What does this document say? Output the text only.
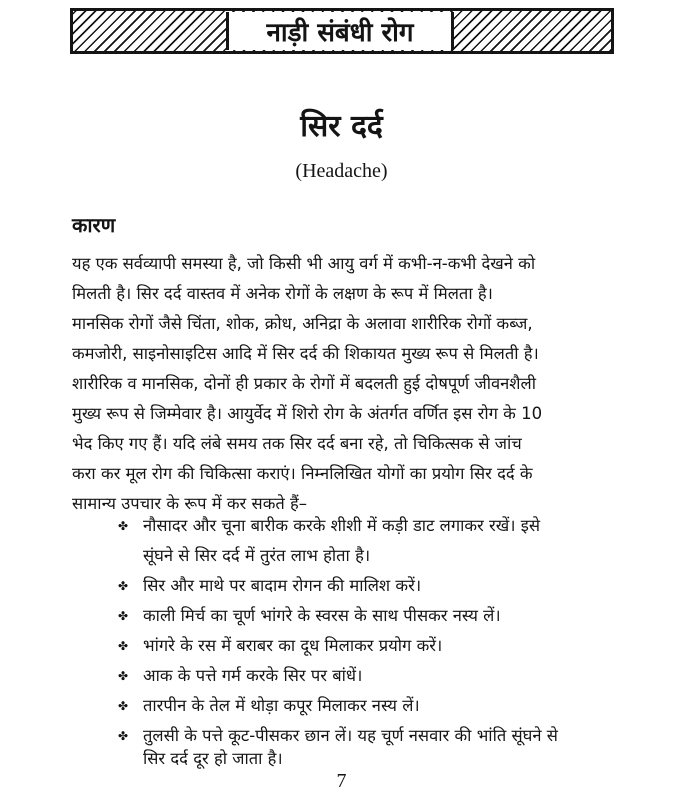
नाड़ी संबंधी रोग
सिर दर्द
(Headache)
कारण
यह एक सर्वव्यापी समस्या है, जो किसी भी आयु वर्ग में कभी-न-कभी देखने को
मिलती है। सिर दर्द वास्तव में अनेक रोगों के लक्षण के रूप में मिलता है।
मानसिक रोगों जैसे चिंता, शोक, क्रोध, अनिद्रा के अलावा शारीरिक रोगों कब्ज,
कमजोरी, साइनोसाइटिस आदि में सिर दर्द की शिकायत मुख्य रूप से मिलती है।
शारीरिक व मानसिक, दोनों ही प्रकार के रोगों में बदलती हुई दोषपूर्ण जीवनशैली
मुख्य रूप से जिम्मेवार है। आयुर्वेद में शिरो रोग के अंतर्गत वर्णित इस रोग के 10
भेद किए गए हैं। यदि लंबे समय तक सिर दर्द बना रहे, तो चिकित्सक से जांच
करा कर मूल रोग की चिकित्सा कराएं। निम्नलिखित योगों का प्रयोग सिर दर्द के
सामान्य उपचार के रूप में कर सकते हैं–
✤ नौसादर और चूना बारीक करके शीशी में कड़ी डाट लगाकर रखें। इसे
सूंघने से सिर दर्द में तुरंत लाभ होता है।
✤ सिर और माथे पर बादाम रोगन की मालिश करें।
✤ काली मिर्च का चूर्ण भांगरे के स्वरस के साथ पीसकर नस्य लें।
✤ भांगरे के रस में बराबर का दूध मिलाकर प्रयोग करें।
✤ आक के पत्ते गर्म करके सिर पर बांधें।
✤ तारपीन के तेल में थोड़ा कपूर मिलाकर नस्य लें।
✤ तुलसी के पत्ते कूट-पीसकर छान लें। यह चूर्ण नसवार की भांति सूंघने से
सिर दर्द दूर हो जाता है।
7
